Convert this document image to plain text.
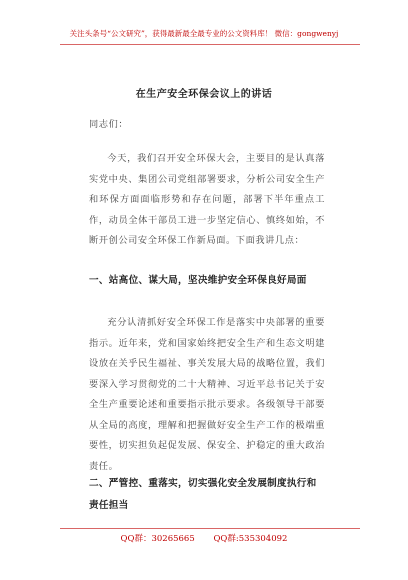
关注头条号“公文研究”，获得最新最全最专业的公文资料库！ 微信：gongwenyj
在生产安全环保会议上的讲话
同志们：
今天，我们召开安全环保大会，主要目的是认真落实党中央、集团公司党组部署要求，分析公司安全生产和环保方面面临形势和存在问题，部署下半年重点工作，动员全体干部员工进一步坚定信心、慎终如始，不断开创公司安全环保工作新局面。下面我讲几点：
一、站高位、谋大局，坚决维护安全环保良好局面
充分认清抓好安全环保工作是落实中央部署的重要指示。近年来，党和国家始终把安全生产和生态文明建设放在关乎民生福祉、事关发展大局的战略位置，我们要深入学习贯彻党的二十大精神、习近平总书记关于安全生产重要论述和重要指示批示要求。各级领导干部要从全局的高度，理解和把握做好安全生产工作的极端重要性，切实担负起促发展、保安全、护稳定的重大政治责任。
二、严管控、重落实，切实强化安全发展制度执行和责任担当
QQ群：30265665 QQ群:535304092
